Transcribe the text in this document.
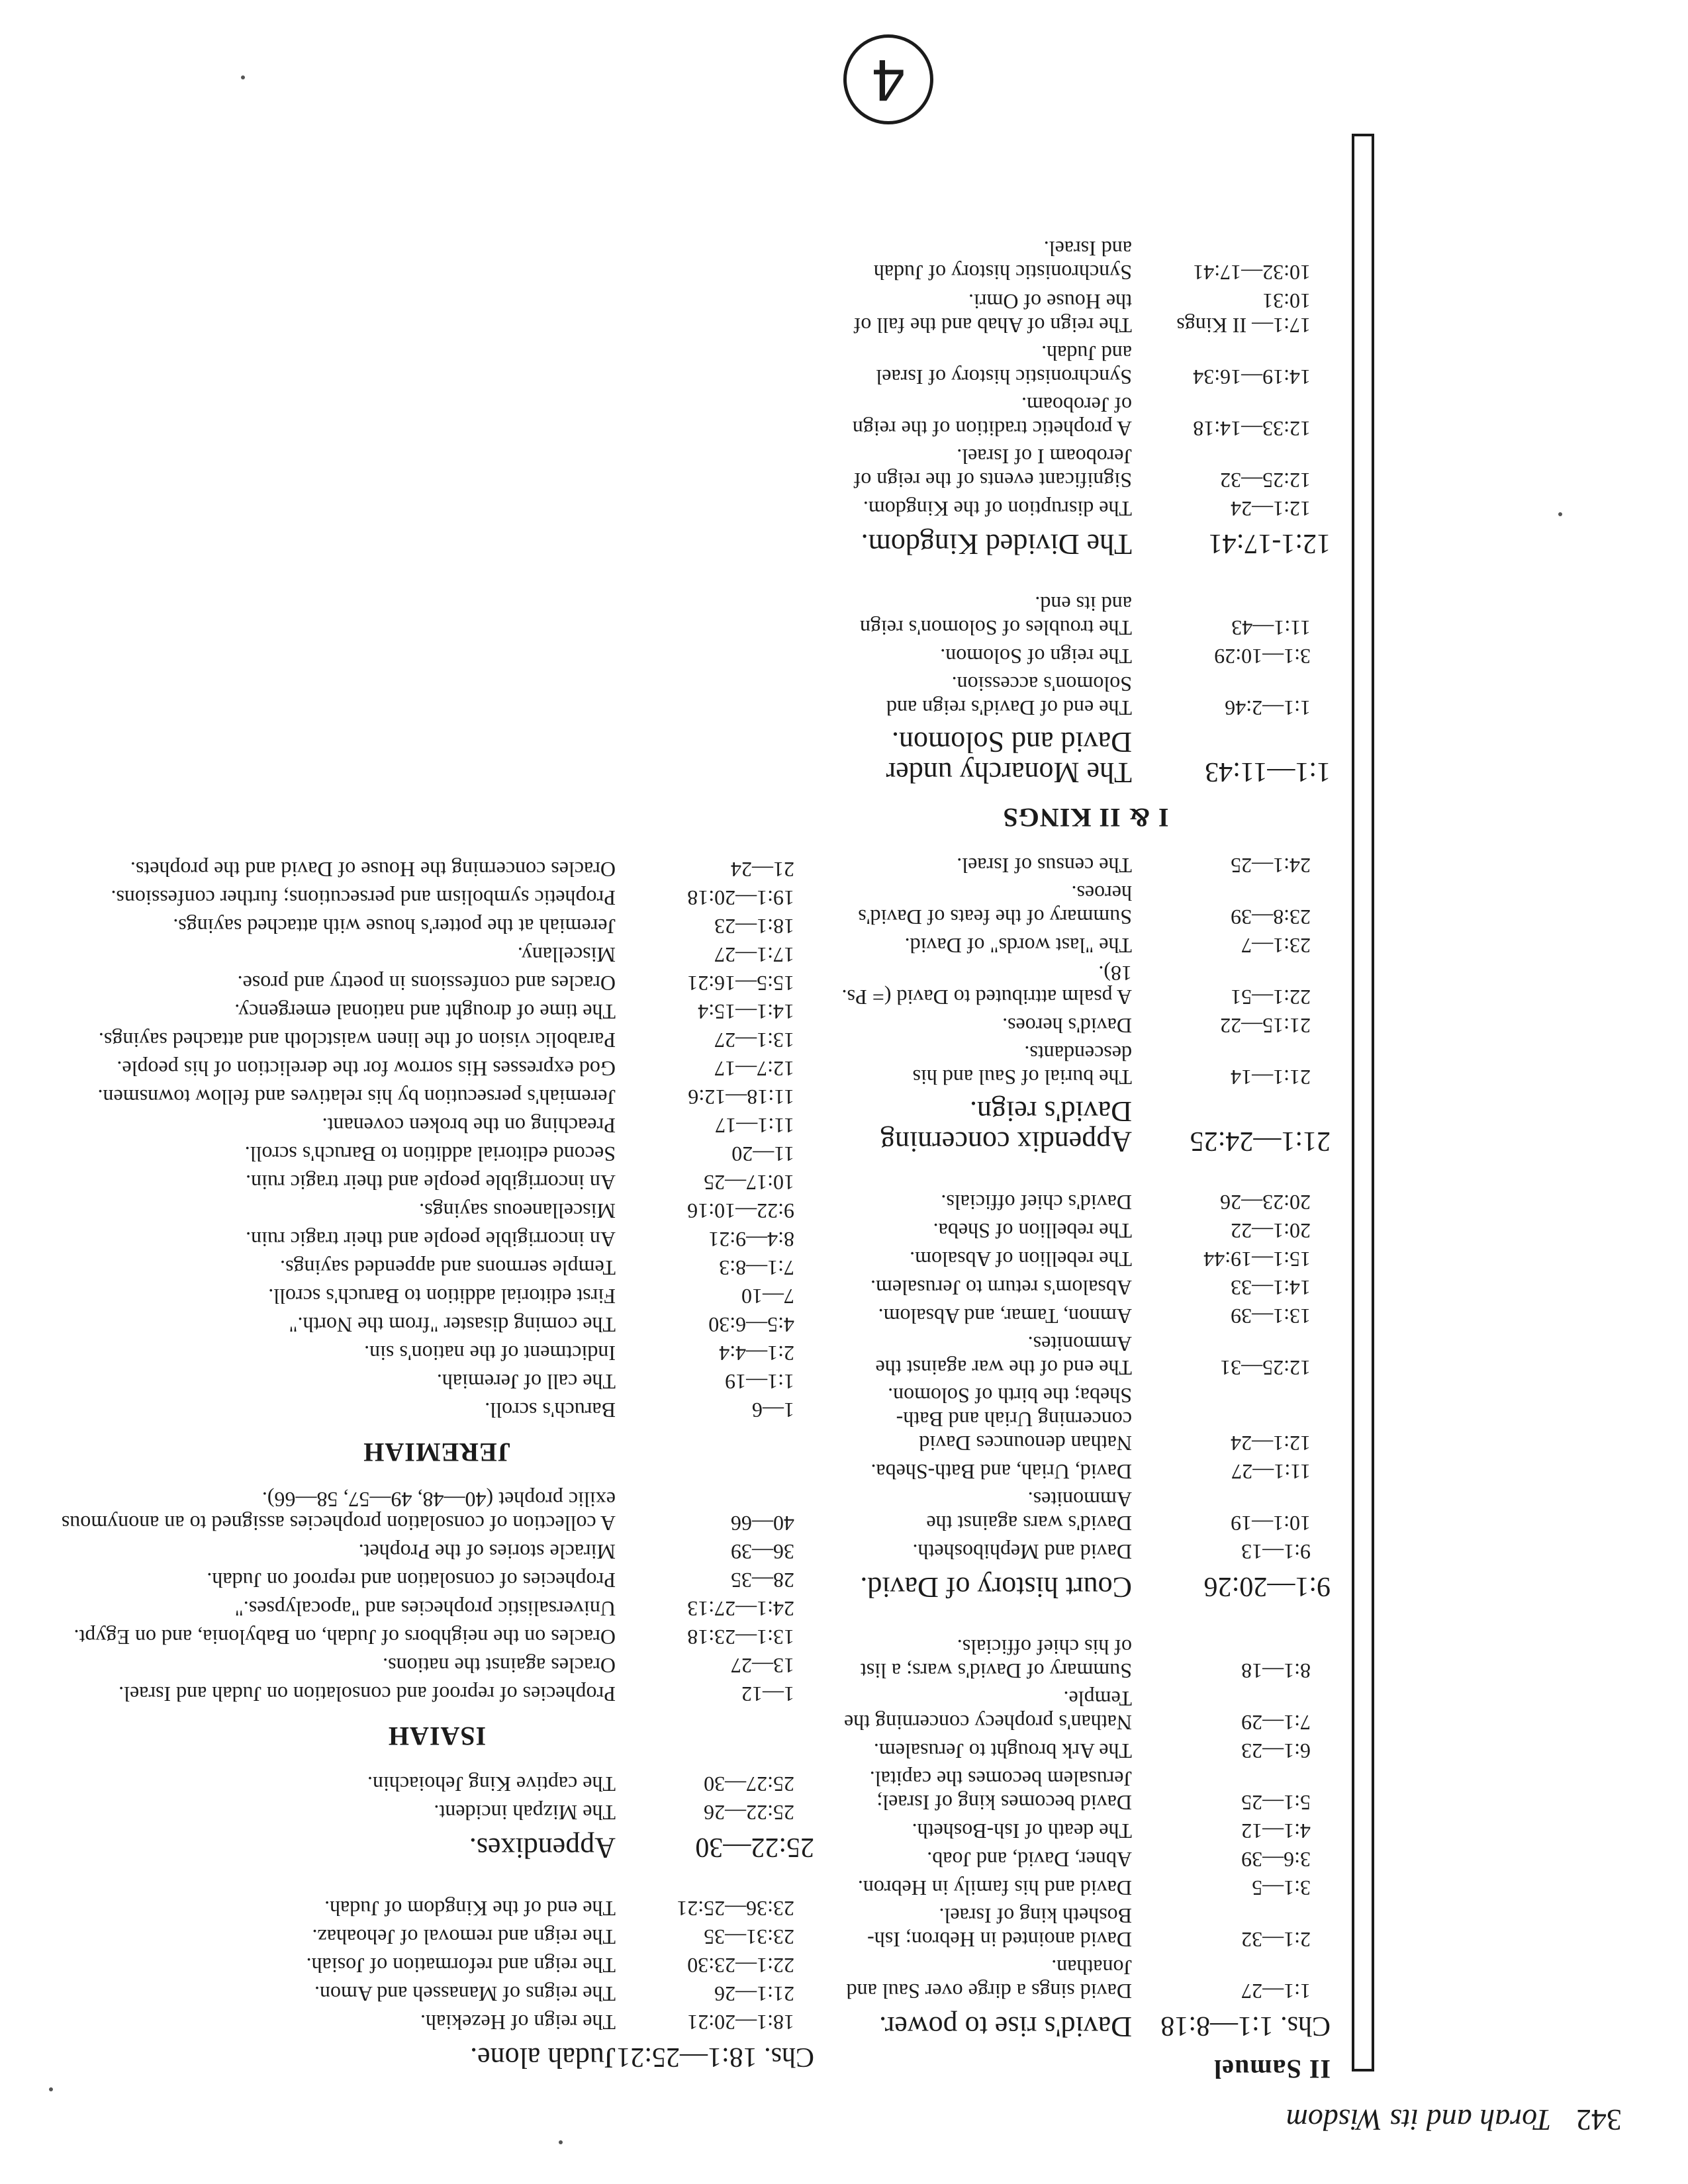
342 Torah and its Wisdom
4
II Samuel
Chs. 1:1—8:18
David's rise to power.
1:1—27
David sings a dirge over Saul and Jonathan.
2:1—32
David anointed in Hebron; Ish-Bosheth king of Israel.
3:1—5
David and his family in Hebron.
3:6—39
Abner, David, and Joab.
4:1—12
The death of Ish-Bosheth.
5:1—25
David becomes king of Israel; Jerusalem becomes the capital.
6:1—23
The Ark brought to Jerusalem.
7:1—29
Nathan's prophecy concerning the Temple.
8:1—18
Summary of David's wars; a list of his chief officials.
9:1—20:26
Court history of David.
9:1—13
David and Mephibosheth.
10:1—19
David's wars against the Ammonites.
11:1—27
David, Uriah, and Bath-Sheba.
12:1—24
Nathan denounces David concerning Uriah and Bath-Sheba; the birth of Solomon.
12:25—31
The end of the war against the Ammonites.
13:1—39
Amnon, Tamar, and Absalom.
14:1—33
Absalom's return to Jerusalem.
15:1—19:44
The rebellion of Absalom.
20:1—22
The rebellion of Sheba.
20:23—26
David's chief officials.
21:1—24:25
Appendix concerning David's reign.
21:1—14
The burial of Saul and his descendants.
21:15—22
David's heroes.
22:1—51
A psalm attributed to David (= Ps. 18).
23:1—7
The "last words" of David.
23:8—39
Summary of the feats of David's heroes.
24:1—25
The census of Israel.
I & II KINGS
1:1—11:43
The Monarchy under David and Solomon.
1:1—2:46
The end of David's reign and Solomon's accession.
3:1—10:29
The reign of Solomon.
11:1—43
The troubles of Solomon's reign and its end.
12:1-17:41
The Divided Kingdom.
12:1—24
The disruption of the Kingdom.
12:25—32
Significant events of the reign of Jeroboam I of Israel.
12:33—14:18
A prophetic tradition of the reign of Jeroboam.
14:19—16:34
Synchronistic history of Israel and Judah.
17:1— II Kings 10:31
The reign of Ahab and the fall of the House of Omri.
10:32—17:41
Synchronistic history of Judah and Israel.
Chs. 18:1—25:21
Judah alone.
18:1—20:21
The reign of Hezekiah.
21:1—26
The reigns of Manasseh and Amon.
22:1—23:30
The reign and reformation of Josiah.
23:31—35
The reign and removal of Jehoahaz.
23:36—25:21
The end of the Kingdom of Judah.
25:22—30
Appendixes.
25:22—26
The Mizpah incident.
25:27—30
The captive King Jehoiachin.
ISAIAH
1—12
Prophecies of reproof and consolation on Judah and Israel.
13—27
Oracles against the nations.
13:1—23:18
Oracles on the neighbors of Judah, on Babylonia, and on Egypt.
24:1—27:13
Universalistic prophecies and "apocalypses."
28—35
Prophecies of consolation and reproof on Judah.
36—39
Miracle stories of the Prophet.
40—66
A collection of consolation prophecies assigned to an anonymous exilic prophet (40—48, 49—57, 58—66).
JEREMIAH
1—6
Baruch's scroll.
1:1—19
The call of Jeremiah.
2:1—4:4
Indictment of the nation's sin.
4:5—6:30
The coming disaster "from the North."
7—10
First editorial addition to Baruch's scroll.
7:1—8:3
Temple sermons and appended sayings.
8:4—9:21
An incorrigible people and their tragic ruin.
9:22—10:16
Miscellaneous sayings.
10:17—25
An incorrigible people and their tragic ruin.
11—20
Second editorial addition to Baruch's scroll.
11:1—17
Preaching on the broken covenant.
11:18—12:6
Jeremiah's persecution by his relatives and fellow townsmen.
12:7—17
God expresses His sorrow for the dereliction of his people.
13:1—27
Parabolic vision of the linen waistcloth and attached sayings.
14:1—15:4
The time of drought and national emergency.
15:5—16:21
Oracles and confessions in poetry and prose.
17:1—27
Miscellany.
18:1—23
Jeremiah at the potter's house with attached sayings.
19:1—20:18
Prophetic symbolism and persecutions; further confessions.
21—24
Oracles concerning the House of David and the prophets.
